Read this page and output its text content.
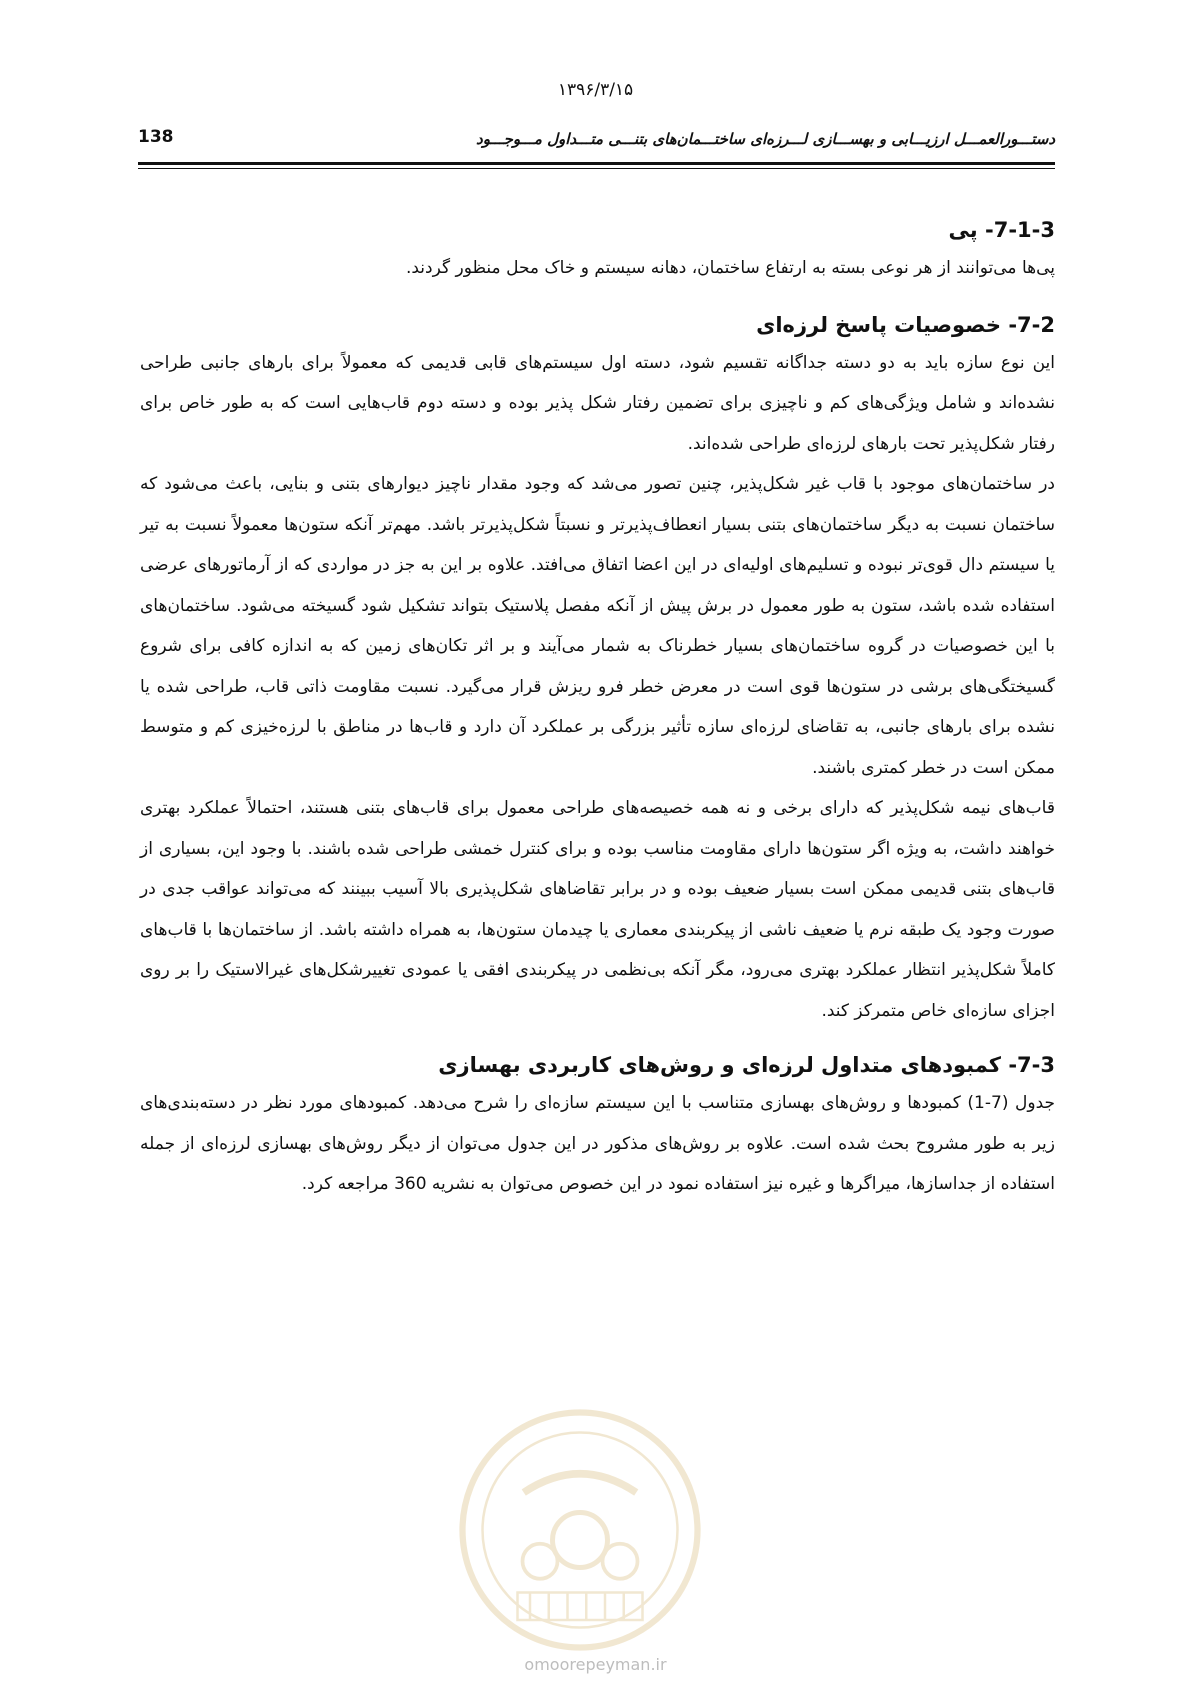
۱۳۹۶/۳/۱۵
دستـــورالعمـــل ارزیـــابی و بهســـازی لـــرزه‌ای ساختـــمان‌های بتنـــی متـــداول مـــوجـــود
138
7-1-3- پی

پی‌ها می‌توانند از هر نوعی بسته به ارتفاع ساختمان، دهانه سیستم و خاک محل منظور گردند.

7-2- خصوصیات پاسخ لرزه‌ای

این نوع سازه باید به دو دسته جداگانه تقسیم شود، دسته اول سیستم‌های قابی قدیمی که معمولاً برای بارهای جانبی طراحی نشده‌اند و شامل ویژگی‌های کم و ناچیزی برای تضمین رفتار شکل پذیر بوده و دسته دوم قاب‌هایی است که به طور خاص برای رفتار شکل‌پذیر تحت بارهای لرزه‌ای طراحی شده‌اند.

در ساختمان‌های موجود با قاب غیر شکل‌پذیر، چنین تصور می‌شد که وجود مقدار ناچیز دیوارهای بتنی و بنایی، باعث می‌شود که ساختمان نسبت به دیگر ساختمان‌های بتنی بسیار انعطاف‌پذیرتر و نسبتاً شکل‌پذیرتر باشد. مهم‌تر آنکه ستون‌ها معمولاً نسبت به تیر یا سیستم دال قوی‌تر نبوده و تسلیم‌های اولیه‌ای در این اعضا اتفاق می‌افتد. علاوه بر این به جز در مواردی که از آرماتورهای عرضی استفاده شده باشد، ستون به طور معمول در برش پیش از آنکه مفصل پلاستیک بتواند تشکیل شود گسیخته می‌شود. ساختمان‌های با این خصوصیات در گروه ساختمان‌های بسیار خطرناک به شمار می‌آیند و بر اثر تکان‌های زمین که به اندازه کافی برای شروع گسیختگی‌های برشی در ستون‌ها قوی است در معرض خطر فرو ریزش قرار می‌گیرد. نسبت مقاومت ذاتی قاب، طراحی شده یا نشده برای بارهای جانبی، به تقاضای لرزه‌ای سازه تأثیر بزرگی بر عملکرد آن دارد و قاب‌ها در مناطق با لرزه‌خیزی کم و متوسط ممکن است در خطر کمتری باشند.

قاب‌های نیمه شکل‌پذیر که دارای برخی و نه همه خصیصه‌های طراحی معمول برای قاب‌های بتنی هستند، احتمالاً عملکرد بهتری خواهند داشت، به ویژه اگر ستون‌ها دارای مقاومت مناسب بوده و برای کنترل خمشی طراحی شده باشند. با وجود این، بسیاری از قاب‌های بتنی قدیمی ممکن است بسیار ضعیف بوده و در برابر تقاضاهای شکل‌پذیری بالا آسیب ببینند که می‌تواند عواقب جدی در صورت وجود یک طبقه نرم یا ضعیف ناشی از پیکربندی معماری یا چیدمان ستون‌ها، به همراه داشته باشد. از ساختمان‌ها با قاب‌های کاملاً شکل‌پذیر انتظار عملکرد بهتری می‌رود، مگر آنکه بی‌نظمی در پیکربندی افقی یا عمودی تغییرشکل‌های غیرالاستیک را بر روی اجزای سازه‌ای خاص متمرکز کند.

7-3- کمبودهای متداول لرزه‌ای و روش‌های کاربردی بهسازی

جدول (7-1) کمبودها و روش‌های بهسازی متناسب با این سیستم سازه‌ای را شرح می‌دهد. کمبودهای مورد نظر در دسته‌بندی‌های زیر به طور مشروح بحث شده است. علاوه بر روش‌های مذکور در این جدول می‌توان از دیگر روش‌های بهسازی لرزه‌ای از جمله استفاده از جداسازها، میراگرها و غیره نیز استفاده نمود در این خصوص می‌توان به نشریه 360 مراجعه کرد.

omoorepeyman.ir
